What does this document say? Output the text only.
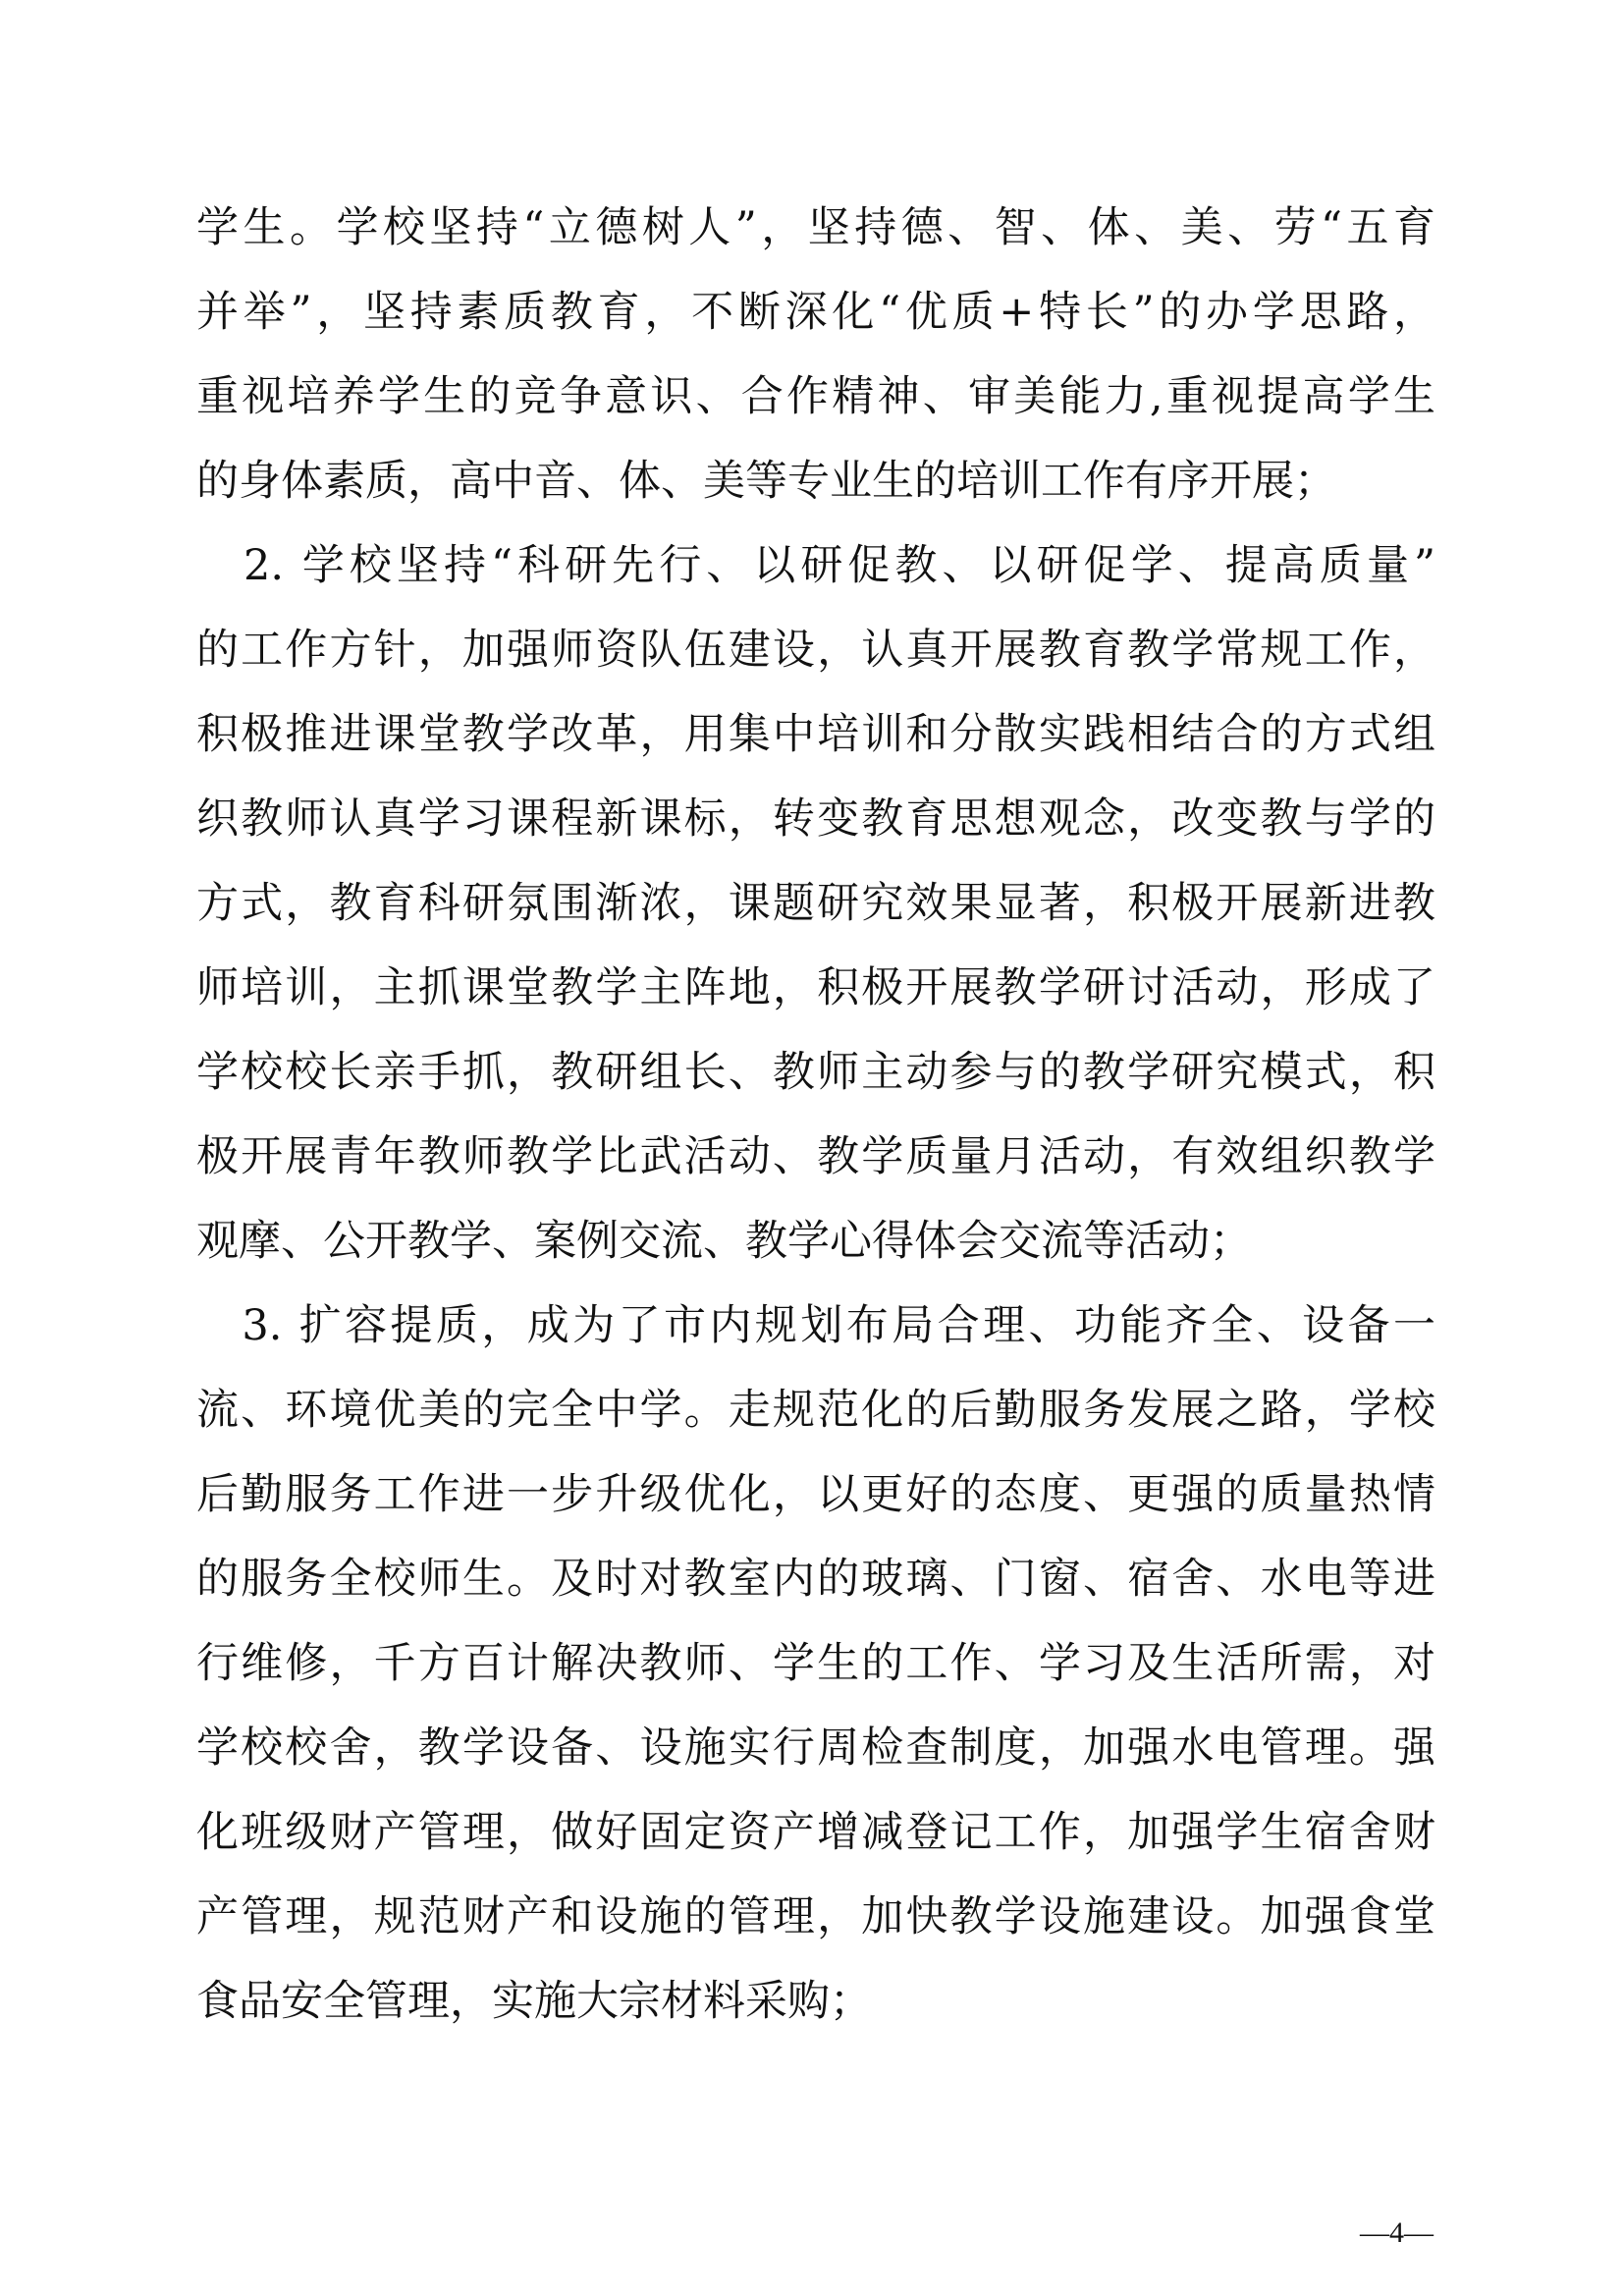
学生。学校坚持“立德树人”，坚持德、智、体、美、劳“五育
并举”，坚持素质教育，不断深化“优质+特长”的办学思路，
重视培养学生的竞争意识、合作精神、审美能力,重视提高学生
的身体素质，高中音、体、美等专业生的培训工作有序开展；
　2. 学校坚持“科研先行、以研促教、以研促学、提高质量”
的工作方针，加强师资队伍建设，认真开展教育教学常规工作，
积极推进课堂教学改革，用集中培训和分散实践相结合的方式组
织教师认真学习课程新课标，转变教育思想观念，改变教与学的
方式，教育科研氛围渐浓，课题研究效果显著，积极开展新进教
师培训，主抓课堂教学主阵地，积极开展教学研讨活动，形成了
学校校长亲手抓，教研组长、教师主动参与的教学研究模式，积
极开展青年教师教学比武活动、教学质量月活动，有效组织教学
观摩、公开教学、案例交流、教学心得体会交流等活动；
　3. 扩容提质，成为了市内规划布局合理、功能齐全、设备一
流、环境优美的完全中学。走规范化的后勤服务发展之路，学校
后勤服务工作进一步升级优化，以更好的态度、更强的质量热情
的服务全校师生。及时对教室内的玻璃、门窗、宿舍、水电等进
行维修，千方百计解决教师、学生的工作、学习及生活所需，对
学校校舍，教学设备、设施实行周检查制度，加强水电管理。强
化班级财产管理，做好固定资产增减登记工作，加强学生宿舍财
产管理，规范财产和设施的管理，加快教学设施建设。加强食堂
食品安全管理，实施大宗材料采购；
—4—
